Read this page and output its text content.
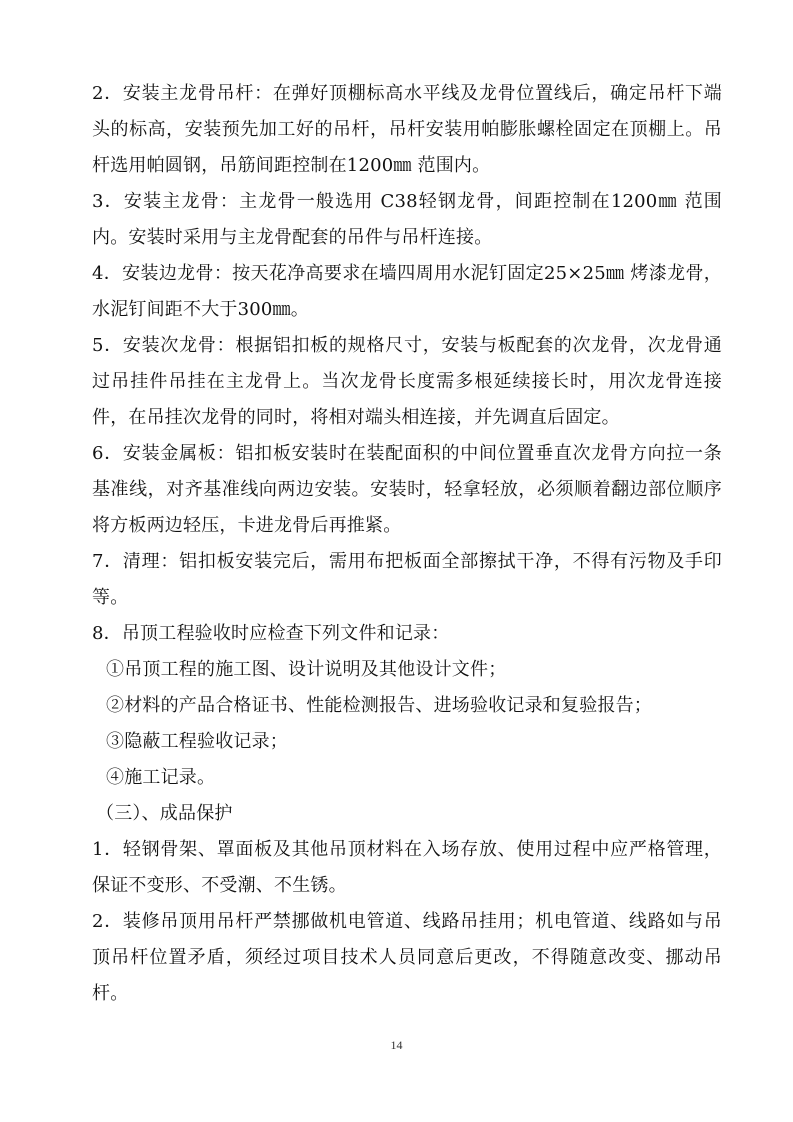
2．安装主龙骨吊杆：在弹好顶棚标高水平线及龙骨位置线后，确定吊杆下端头的标高，安装预先加工好的吊杆，吊杆安装用帕膨胀螺栓固定在顶棚上。吊杆选用帕圆钢，吊筋间距控制在1200㎜ 范围内。

3．安装主龙骨：主龙骨一般选用 C38轻钢龙骨，间距控制在1200㎜ 范围内。安装时采用与主龙骨配套的吊件与吊杆连接。

4．安装边龙骨：按天花净高要求在墙四周用水泥钉固定25×25㎜ 烤漆龙骨，水泥钉间距不大于300㎜。

5．安装次龙骨：根据铝扣板的规格尺寸，安装与板配套的次龙骨，次龙骨通过吊挂件吊挂在主龙骨上。当次龙骨长度需多根延续接长时，用次龙骨连接件，在吊挂次龙骨的同时，将相对端头相连接，并先调直后固定。

6．安装金属板：铝扣板安装时在装配面积的中间位置垂直次龙骨方向拉一条基准线，对齐基准线向两边安装。安装时，轻拿轻放，必须顺着翻边部位顺序将方板两边轻压，卡进龙骨后再推紧。

7．清理：铝扣板安装完后，需用布把板面全部擦拭干净，不得有污物及手印等。

8．吊顶工程验收时应检查下列文件和记录：

①吊顶工程的施工图、设计说明及其他设计文件；

②材料的产品合格证书、性能检测报告、进场验收记录和复验报告；

③隐蔽工程验收记录；

④施工记录。

（三）、成品保护

1．轻钢骨架、罩面板及其他吊顶材料在入场存放、使用过程中应严格管理，保证不变形、不受潮、不生锈。

2．装修吊顶用吊杆严禁挪做机电管道、线路吊挂用；机电管道、线路如与吊顶吊杆位置矛盾，须经过项目技术人员同意后更改，不得随意改变、挪动吊杆。

14
